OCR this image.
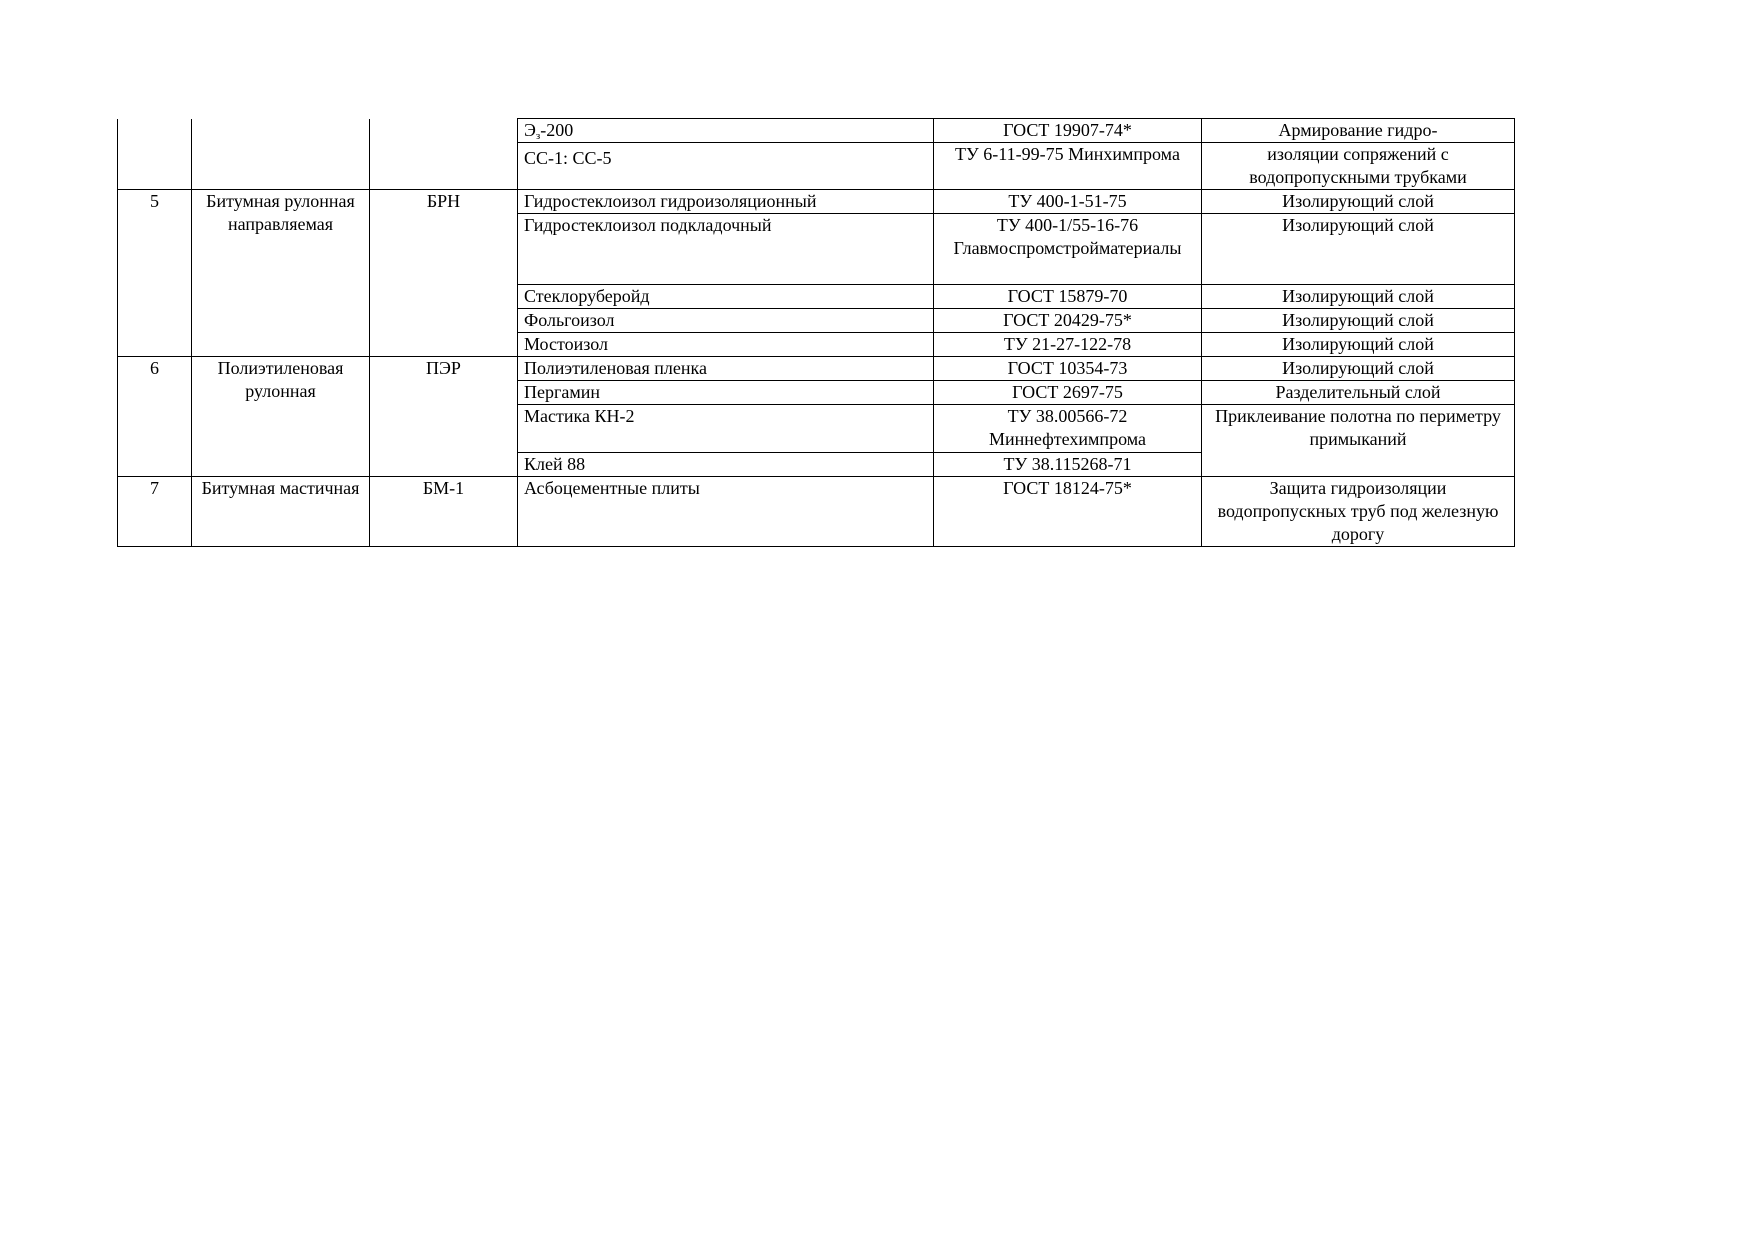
			$Э_з-200$	ГОСТ 19907-74*	Армирование гидро-
			СС-1: СС-5	ТУ 6-11-99-75 Минхимпрома	изоляции сопряжений с водопропускными трубками
5	Битумная рулонная направляемая	БРН	Гидростеклоизол гидроизоляционный	ТУ 400-1-51-75	Изолирующий слой
			Гидростеклоизол подкладочный	ТУ 400-1/55-16-76 Главмоспромстройматериалы	Изолирующий слой
			Стеклоруберойд	ГОСТ 15879-70	Изолирующий слой
			Фольгоизол	ГОСТ 20429-75*	Изолирующий слой
			Мостоизол	ТУ 21-27-122-78	Изолирующий слой
6	Полиэтиленовая рулонная	ПЭР	Полиэтиленовая пленка	ГОСТ 10354-73	Изолирующий слой
			Пергамин	ГОСТ 2697-75	Разделительный слой
			Мастика КН-2	ТУ 38.00566-72 Миннефтехимпрома	Приклеивание полотна по периметру примыканий
			Клей 88	ТУ 38.115268-71	
7	Битумная мастичная	БМ-1	Асбоцементные плиты	ГОСТ 18124-75*	Защита гидроизоляции водопропускных труб под железную дорогу
